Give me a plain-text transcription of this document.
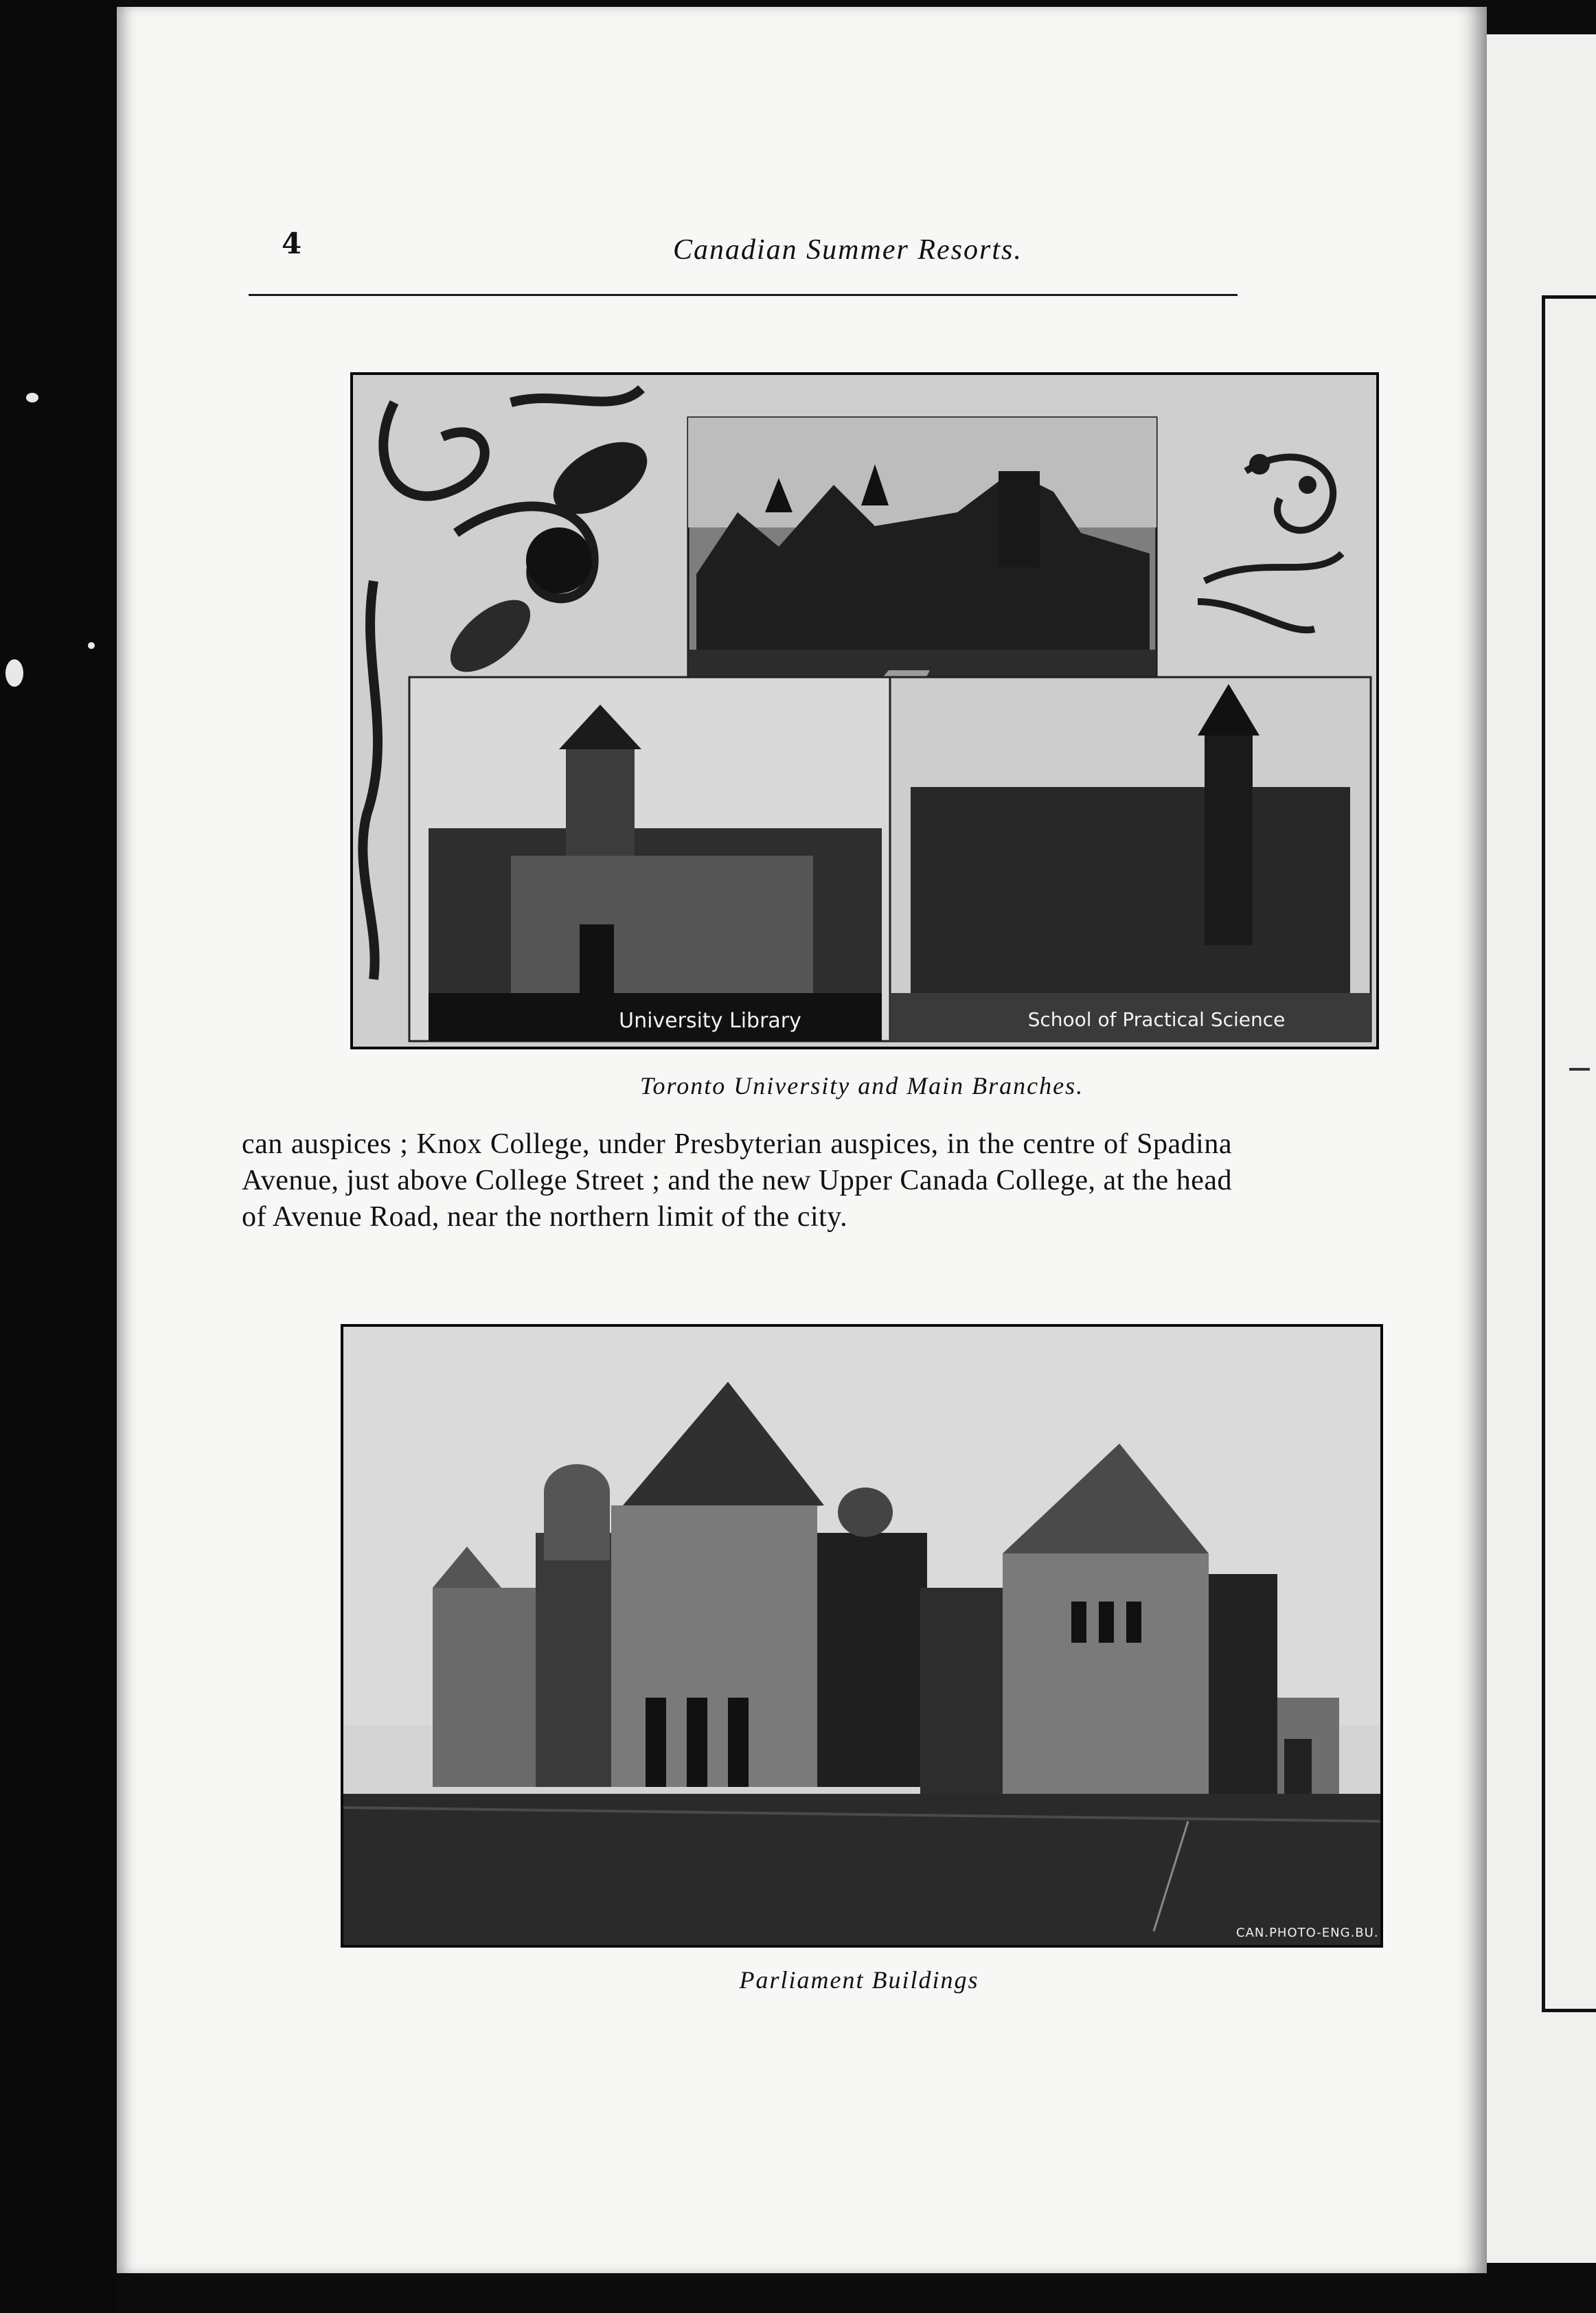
4	Canadian Summer Resorts.
University Library	School of Practical Science
Toronto University and Main Branches.
can auspices ; Knox College, under Presbyterian auspices, in the centre of Spadina Avenue, just above College Street ; and the new Upper Canada College, at the head of Avenue Road, near the northern limit of the city.
CAN.PHOTO-ENG.BU.
Parliament Buildings
